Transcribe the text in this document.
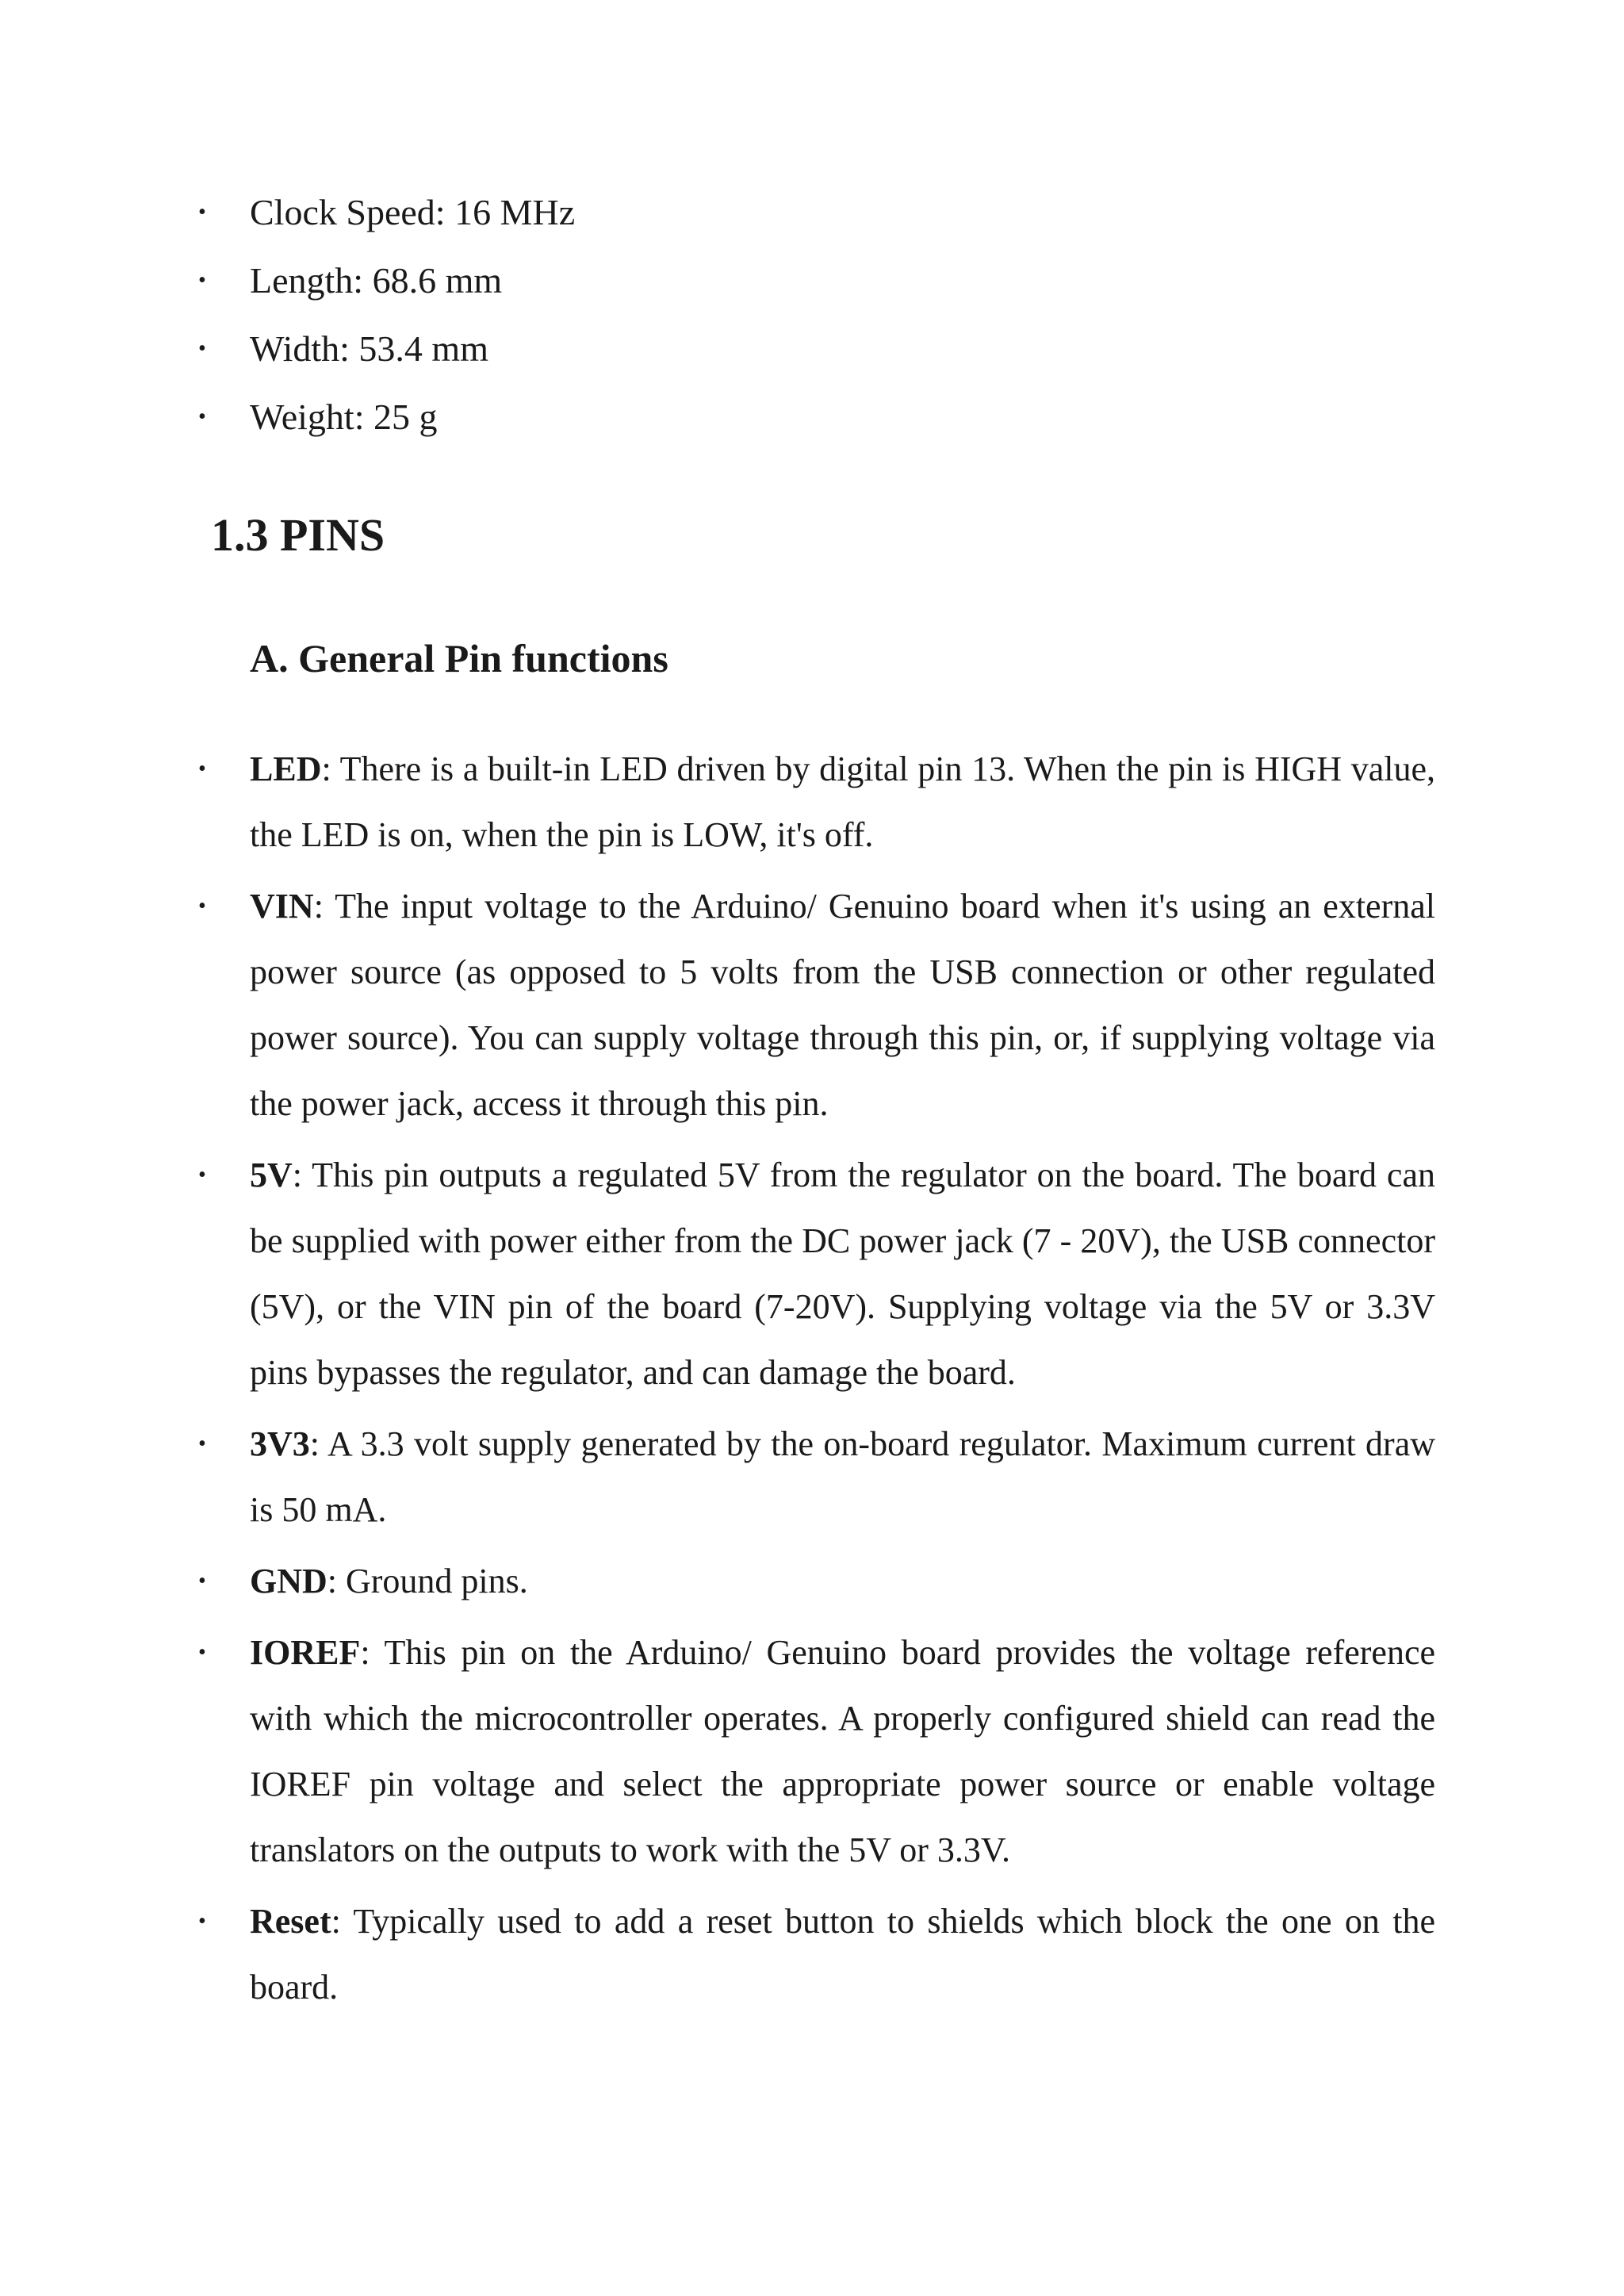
• Clock Speed: 16 MHz
• Length: 68.6 mm
• Width: 53.4 mm
• Weight: 25 g
1.3 PINS
A. General Pin functions
• LED: There is a built-in LED driven by digital pin 13. When the pin is HIGH value, the LED is on, when the pin is LOW, it's off.
• VIN: The input voltage to the Arduino/ Genuino board when it's using an external power source (as opposed to 5 volts from the USB connection or other regulated power source). You can supply voltage through this pin, or, if supplying voltage via the power jack, access it through this pin.
• 5V: This pin outputs a regulated 5V from the regulator on the board. The board can be supplied with power either from the DC power jack (7 - 20V), the USB connector (5V), or the VIN pin of the board (7-20V). Supplying voltage via the 5V or 3.3V pins bypasses the regulator, and can damage the board.
• 3V3: A 3.3 volt supply generated by the on-board regulator. Maximum current draw is 50 mA.
• GND: Ground pins.
• IOREF: This pin on the Arduino/ Genuino board provides the voltage reference with which the microcontroller operates. A properly configured shield can read the IOREF pin voltage and select the appropriate power source or enable voltage translators on the outputs to work with the 5V or 3.3V.
• Reset: Typically used to add a reset button to shields which block the one on the board.
